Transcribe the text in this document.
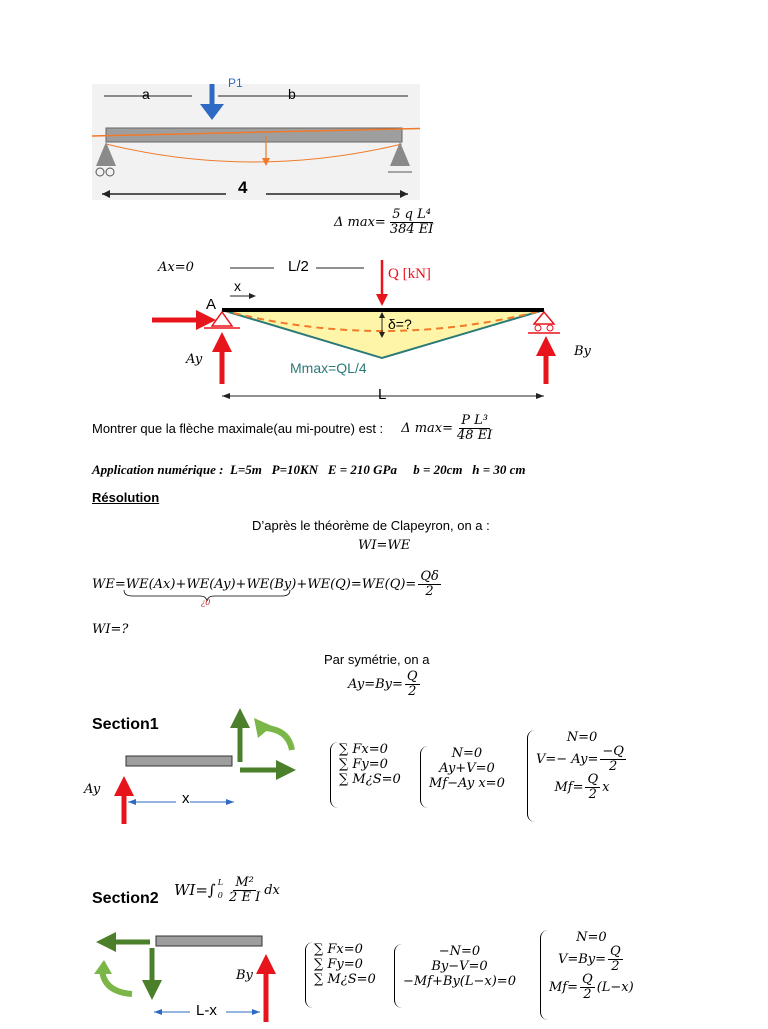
a
P1
b
4
Δ $\max= \frac{\text{5 q L⁴}}{384 EI}$
Ax=0	L/2	Q [kN]
x
A
δ=?
Mmax=QL/4
Ay
By
L
Montrer que la flèche maximale(au mi-poutre) est : Δ $\max= \frac{\text{P L³}}{48 EI}$
Application numérique :  L=5m   P=10KN   E = 210 GPa     b = 20cm   h = 30 cm
Résolution
D’après le théorème de Clapeyron, on a :
WI=WE
$WE=WE(Ax)+WE(Ay)+WE(By)+WE(Q)=WE(Q)= \frac{Q\delta}{2}$
¿0
WI=?
Par symétrie, on a
$Ay=By= \frac{Q}{2}$
Section1
Ay
x
∑ Fx=0
∑ Fy=0
∑ M¿S=0
N=0
Ay+V=0
Mf−Ay x=0
N=0
$V=- Ay= \frac{-Q}{2}$
$Mf= \frac{Q}{2}$ x
Section2 WI=∫ L
$0 \frac{\text{M²}}{\text{2 E I}}$ dx
By
L-x
∑ Fx=0
∑ Fy=0
∑ M¿S=0
−N=0
By−V=0
−Mf+By(L−x)=0
N=0
$V=By= \frac{Q}{2}$
$Mf= \frac{Q}{2} (L-x)$
